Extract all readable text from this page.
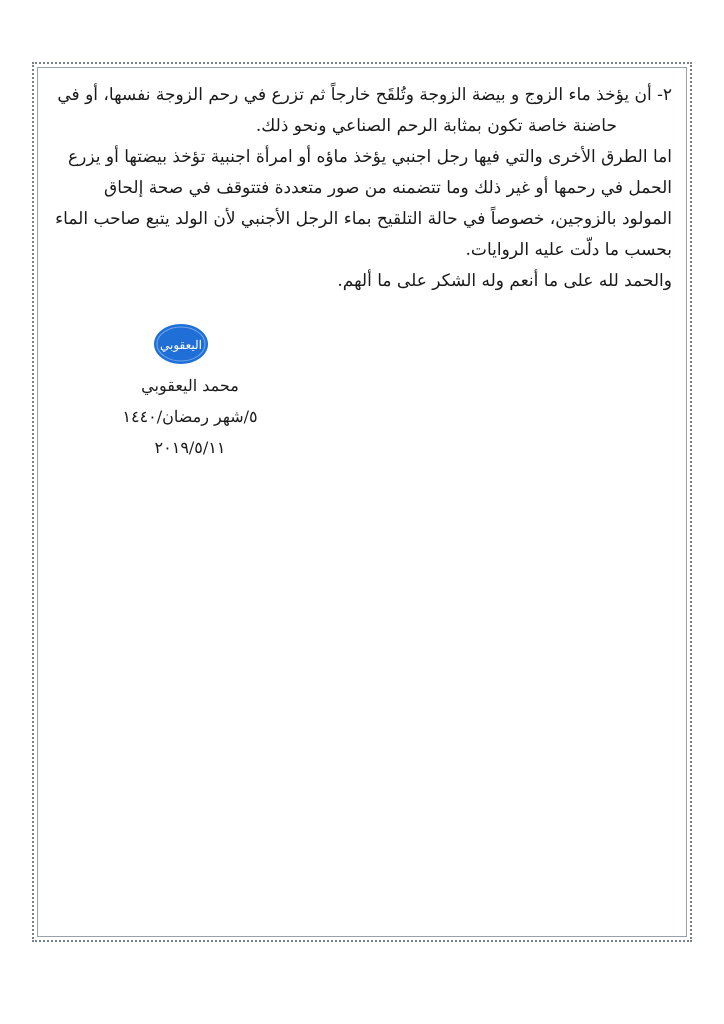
٢- أن يؤخذ ماء الزوج و بيضة الزوجة وتُلقَح خارجاً ثم تزرع في رحم الزوجة نفسها، أو في

حاضنة خاصة تكون بمثابة الرحم الصناعي ونحو ذلك.

اما الطرق الأخرى والتي فيها رجل اجنبي يؤخذ ماؤه أو امرأة اجنبية تؤخذ بيضتها أو يزرع الحمل في رحمها أو غير ذلك وما تتضمنه من صور متعددة فتتوقف في صحة إلحاق المولود بالزوجين، خصوصاً في حالة التلقيح بماء الرجل الأجنبي لأن الولد يتبع صاحب الماء بحسب ما دلّت عليه الروايات.

والحمد لله على ما أنعم وله الشكر على ما ألهم.

اليعقوبي
محمد اليعقوبي
٥/شهر رمضان/١٤٤٠
٢٠١٩/٥/١١
